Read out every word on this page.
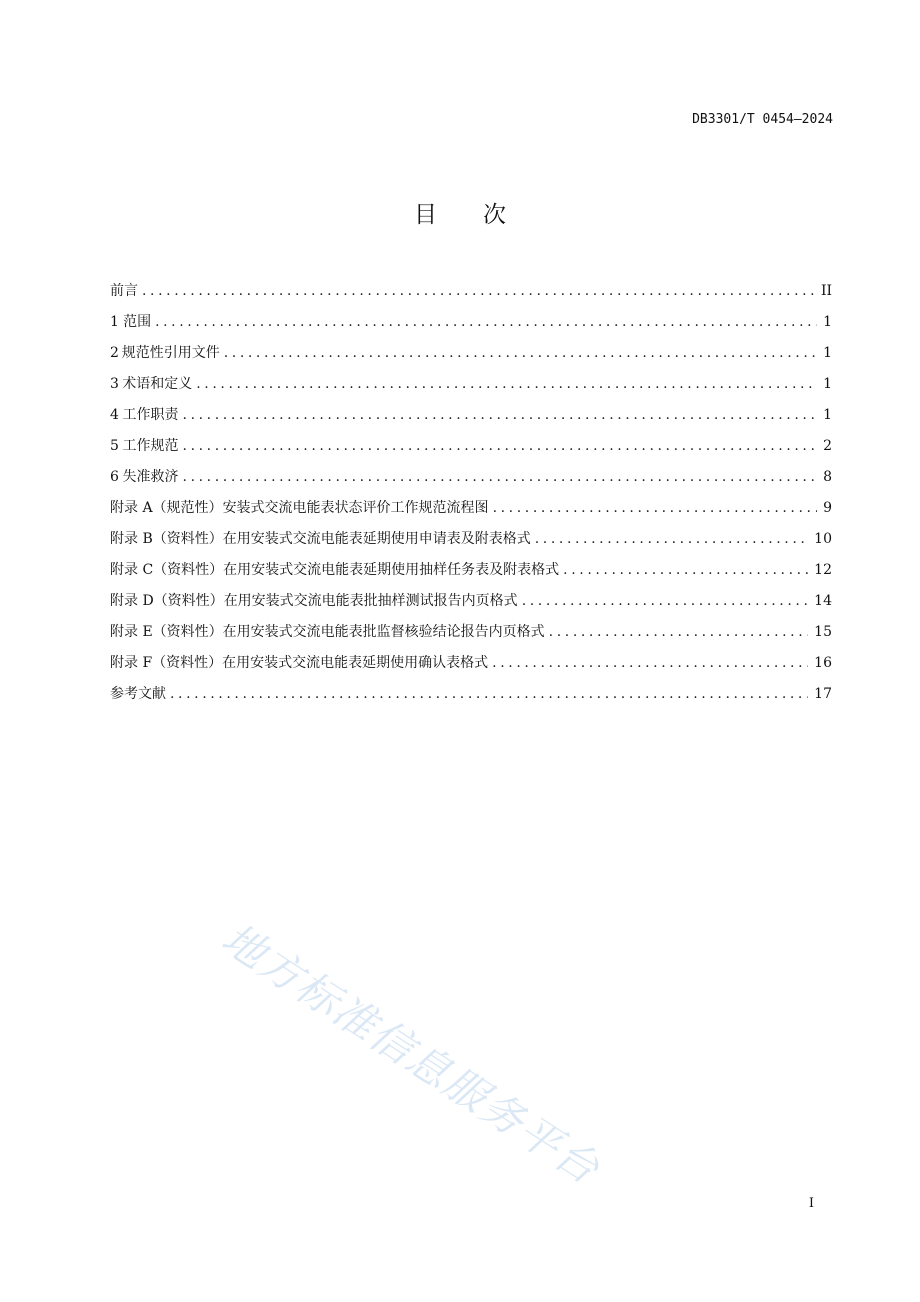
DB3301/T 0454—2024
目次
前言 .....	II
1 范围 .....	1
2 规范性引用文件 .....	1
3 术语和定义 .....	1
4 工作职责 .....	1
5 工作规范 .....	2
6 失准救济 .....	8
附录 A（规范性） 安装式交流电能表状态评价工作规范流程图 .....	9
附录 B（资料性） 在用安装式交流电能表延期使用申请表及附表格式 .....	10
附录 C（资料性） 在用安装式交流电能表延期使用抽样任务表及附表格式 .....	12
附录 D（资料性） 在用安装式交流电能表批抽样测试报告内页格式 .....	14
附录 E（资料性） 在用安装式交流电能表批监督核验结论报告内页格式 .....	15
附录 F（资料性） 在用安装式交流电能表延期使用确认表格式 .....	16
参考文献 .....	17
地方标准信息服务平台
I
